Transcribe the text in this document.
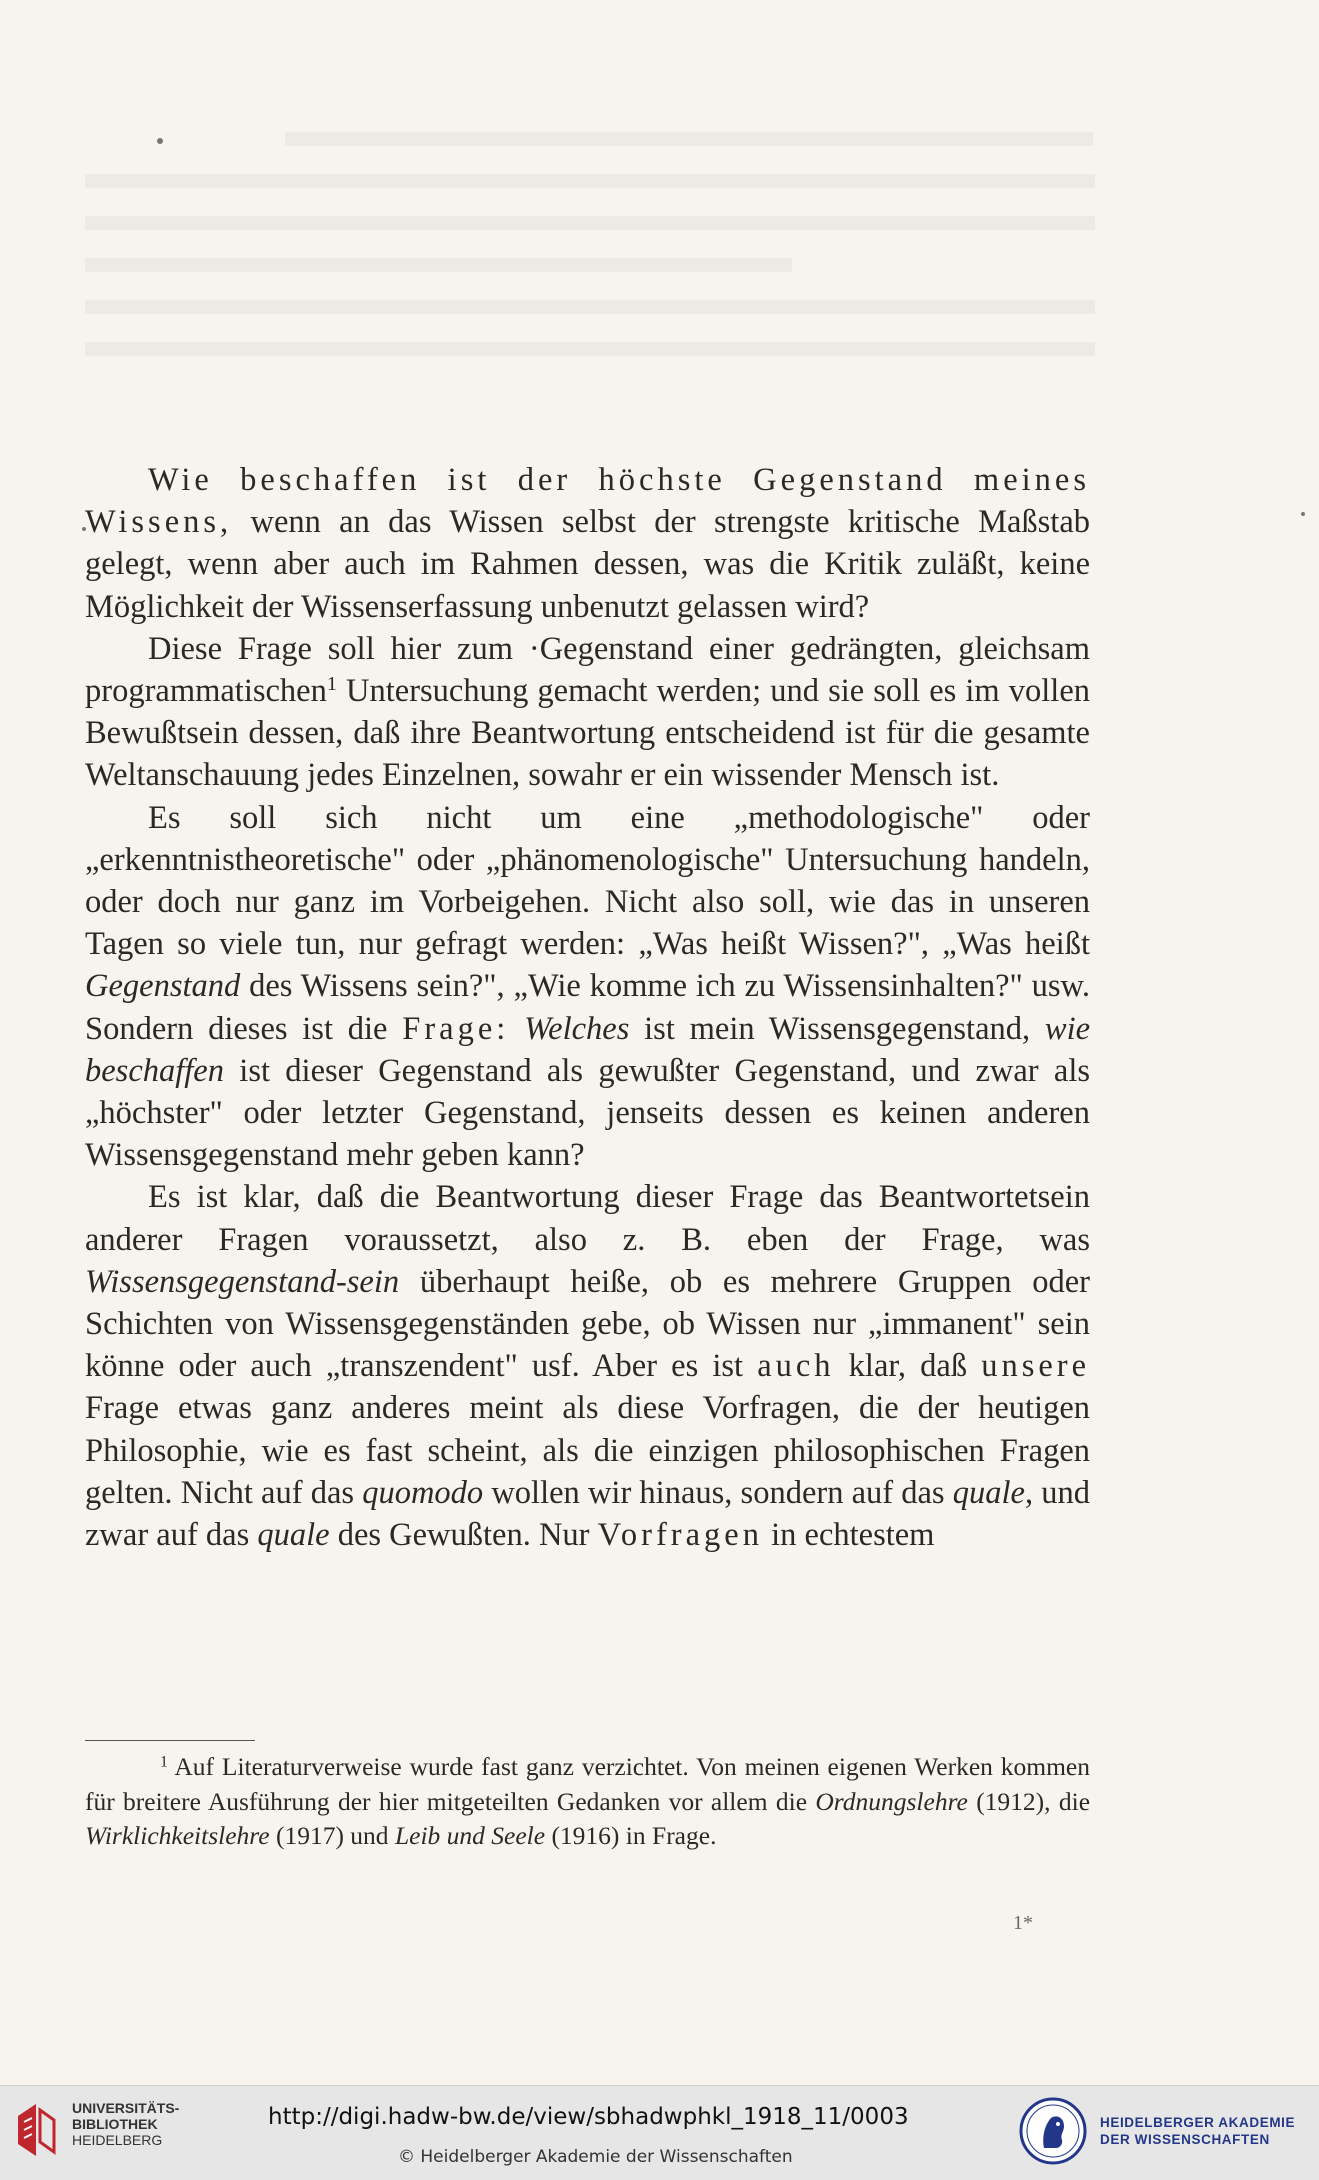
Wie beschaffen ist der höchste Gegenstand meines Wissens, wenn an das Wissen selbst der strengste kritische Maßstab gelegt, wenn aber auch im Rahmen dessen, was die Kritik zuläßt, keine Möglichkeit der Wissenserfassung unbenutzt gelassen wird?

Diese Frage soll hier zum ·Gegenstand einer gedrängten, gleichsam programmatischen$^1$ Untersuchung gemacht werden; und sie soll es im vollen Bewußtsein dessen, daß ihre Beantwortung entscheidend ist für die gesamte Weltanschauung jedes Einzelnen, sowahr er ein wissender Mensch ist.

Es soll sich nicht um eine „methodologische" oder „erkenntnistheoretische" oder „phänomenologische" Untersuchung handeln, oder doch nur ganz im Vorbeigehen. Nicht also soll, wie das in unseren Tagen so viele tun, nur gefragt werden: „Was heißt Wissen?", „Was heißt Gegenstand des Wissens sein?", „Wie komme ich zu Wissensinhalten?" usw. Sondern dieses ist die Frage: Welches ist mein Wissensgegenstand, wie beschaffen ist dieser Gegenstand als gewußter Gegenstand, und zwar als „höchster" oder letzter Gegenstand, jenseits dessen es keinen anderen Wissensgegenstand mehr geben kann?

Es ist klar, daß die Beantwortung dieser Frage das Beantwortetsein anderer Fragen voraussetzt, also z. B. eben der Frage, was Wissensgegenstand-sein überhaupt heiße, ob es mehrere Gruppen oder Schichten von Wissensgegenständen gebe, ob Wissen nur „immanent" sein könne oder auch „transzendent" usf. Aber es ist auch klar, daß unsere Frage etwas ganz anderes meint als diese Vorfragen, die der heutigen Philosophie, wie es fast scheint, als die einzigen philosophischen Fragen gelten. Nicht auf das quomodo wollen wir hinaus, sondern auf das quale, und zwar auf das quale des Gewußten. Nur Vorfragen in echtestem

$^1$ Auf Literaturverweise wurde fast ganz verzichtet. Von meinen eigenen Werken kommen für breitere Ausführung der hier mitgeteilten Gedanken vor allem die Ordnungslehre (1912), die Wirklichkeitslehre (1917) und Leib und Seele (1916) in Frage.

1*
UNIVERSITÄTS-
BIBLIOTHEK
HEIDELBERG
http://digi.hadw-bw.de/view/sbhadwphkl_1918_11/0003
© Heidelberger Akademie der Wissenschaften
HEIDELBERGER AKADEMIE
DER WISSENSCHAFTEN
